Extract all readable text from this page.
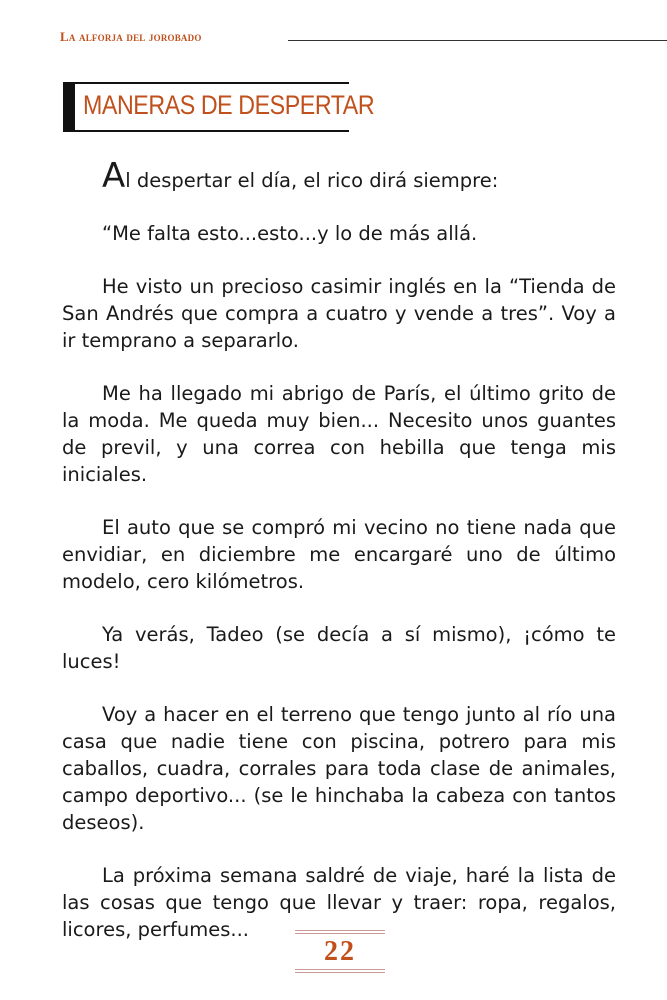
La alforja del jorobado
MANERAS DE DESPERTAR

Al despertar el día, el rico dirá siempre:

“Me falta esto...esto...y lo de más allá.

He visto un precioso casimir inglés en la “Tienda de San Andrés que compra a cuatro y vende a tres”. Voy a ir temprano a separarlo.

Me ha llegado mi abrigo de París, el último grito de la moda. Me queda muy bien... Necesito unos guantes de previl, y una correa con hebilla que tenga mis iniciales.

El auto que se compró mi vecino no tiene nada que envidiar, en diciembre me encargaré uno de último modelo, cero kilómetros.

Ya verás, Tadeo (se decía a sí mismo), ¡cómo te luces!

Voy a hacer en el terreno que tengo junto al río una casa que nadie tiene con piscina, potrero para mis caballos, cuadra, corrales para toda clase de animales, campo deportivo... (se le hinchaba la cabeza con tantos deseos).

La próxima semana saldré de viaje, haré la lista de las cosas que tengo que llevar y traer: ropa, regalos, licores, perfumes...

22
